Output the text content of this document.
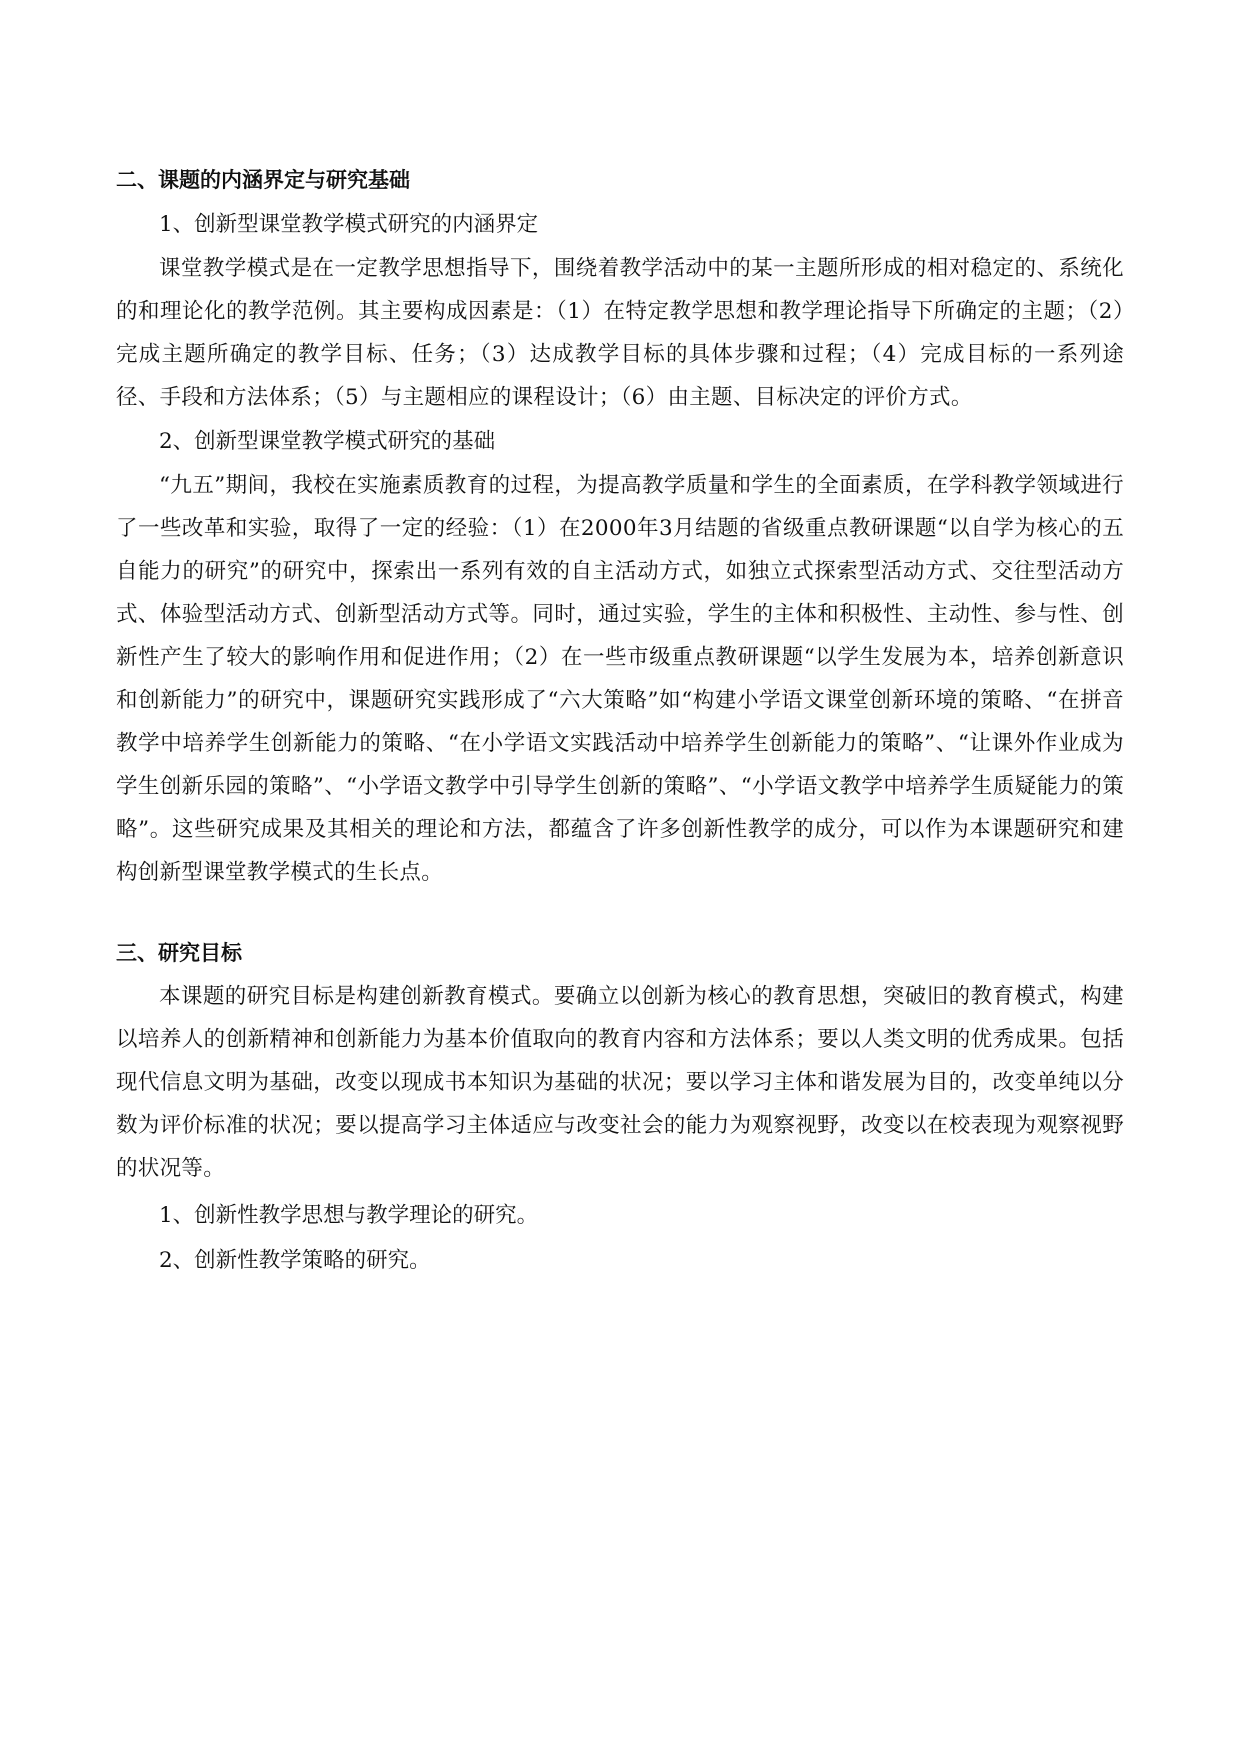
二、课题的内涵界定与研究基础

1、创新型课堂教学模式研究的内涵界定

课堂教学模式是在一定教学思想指导下，围绕着教学活动中的某一主题所形成的相对稳定的、系统化的和理论化的教学范例。其主要构成因素是：（1）在特定教学思想和教学理论指导下所确定的主题；（2）完成主题所确定的教学目标、任务；（3）达成教学目标的具体步骤和过程；（4）完成目标的一系列途径、手段和方法体系；（5）与主题相应的课程设计；（6）由主题、目标决定的评价方式。

2、创新型课堂教学模式研究的基础

“九五”期间，我校在实施素质教育的过程，为提高教学质量和学生的全面素质，在学科教学领域进行了一些改革和实验，取得了一定的经验：（1）在2000年3月结题的省级重点教研课题“以自学为核心的五自能力的研究”的研究中，探索出一系列有效的自主活动方式，如独立式探索型活动方式、交往型活动方式、体验型活动方式、创新型活动方式等。同时，通过实验，学生的主体和积极性、主动性、参与性、创新性产生了较大的影响作用和促进作用；（2）在一些市级重点教研课题“以学生发展为本，培养创新意识和创新能力”的研究中，课题研究实践形成了“六大策略”如“构建小学语文课堂创新环境的策略、“在拼音教学中培养学生创新能力的策略、“在小学语文实践活动中培养学生创新能力的策略”、“让课外作业成为学生创新乐园的策略”、“小学语文教学中引导学生创新的策略”、“小学语文教学中培养学生质疑能力的策略”。这些研究成果及其相关的理论和方法，都蕴含了许多创新性教学的成分，可以作为本课题研究和建构创新型课堂教学模式的生长点。

三、研究目标

本课题的研究目标是构建创新教育模式。要确立以创新为核心的教育思想，突破旧的教育模式，构建以培养人的创新精神和创新能力为基本价值取向的教育内容和方法体系；要以人类文明的优秀成果。包括现代信息文明为基础，改变以现成书本知识为基础的状况；要以学习主体和谐发展为目的，改变单纯以分数为评价标准的状况；要以提高学习主体适应与改变社会的能力为观察视野，改变以在校表现为观察视野的状况等。

1、创新性教学思想与教学理论的研究。

2、创新性教学策略的研究。
